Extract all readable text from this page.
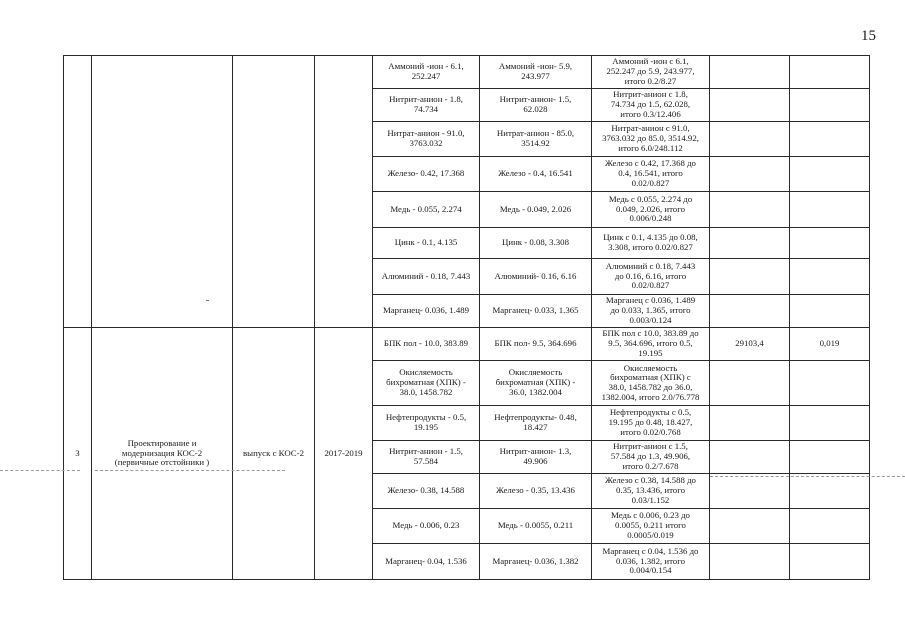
15
				Аммоний -ион - 6.1,
252.247	Аммоний -ион- 5.9,
243.977	Аммоний -ион с 6.1,
252.247 до 5.9, 243.977,
итого 0.2/8.27		
				Нитрит-анион - 1.8,
74.734	Нитрит-анион- 1.5,
62.028	Нитрит-анион с 1.8,
74.734 до 1.5, 62.028,
итого 0.3/12.406		
				Нитрат-анион - 91.0,
3763.032	Нитрат-анион - 85.0,
3514.92	Нитрат-анион с 91.0,
3763.032 до 85.0, 3514.92,
итого 6.0/248.112		
				Железо- 0.42, 17.368	Железо - 0.4, 16.541	Железо с 0.42, 17.368 до
0.4, 16.541, итого
0.02/0.827		
				Медь - 0.055, 2.274	Медь - 0.049, 2.026	Медь с 0.055, 2.274 до
0.049, 2.026, итого
0.006/0.248		
				Цинк - 0.1, 4.135	Цинк - 0.08, 3.308	Цинк с 0.1, 4.135 до 0.08,
3.308, итого 0.02/0.827		
				Алюминий - 0.18, 7.443	Алюминий- 0.16, 6.16	Алюминий с 0.18, 7.443
до 0.16, 6.16, итого
0.02/0.827		
				Марганец- 0.036, 1.489	Марганец- 0.033, 1.365	Марганец с 0.036, 1.489
до 0.033, 1.365, итого
0.003/0.124		
3	Проектирование и
модернизация КОС-2
(первичные отстойники )	выпуск с КОС-2	2017-2019	БПК пол - 10.0, 383.89	БПК пол- 9.5, 364.696	БПК пол с 10.0, 383.89 до
9.5, 364.696, итого 0.5,
19.195	29103,4	0,019
				Окисляемость
бихроматная (ХПК) -
38.0, 1458.782	Окисляемость
бихроматная (ХПК) -
36.0, 1382.004	Окисляемость
бихроматная (ХПК) с
38.0, 1458.782 до 36.0,
1382.004, итого 2.0/76.778		
				Нефтепродукты - 0.5,
19.195	Нефтепродукты- 0.48,
18.427	Нефтепродукты с 0.5,
19.195 до 0.48, 18.427,
итого 0.02/0.768		
				Нитрит-анион - 1.5,
57.584	Нитрит-анион- 1.3,
49.906	Нитрит-анион с 1.5,
57.584 до 1.3, 49.906,
итого 0.2/7.678		
				Железо- 0.38, 14.588	Железо - 0.35, 13.436	Железо с 0.38, 14.588 до
0.35, 13.436, итого
0.03/1.152		
				Медь - 0.006, 0.23	Медь - 0.0055, 0.211	Медь с 0.006, 0.23 до
0.0055, 0.211 итого
0.0005/0.019		
				Марганец- 0.04, 1.536	Марганец- 0.036, 1.382	Марганец с 0.04, 1.536 до
0.036, 1.382, итого
0.004/0.154		
